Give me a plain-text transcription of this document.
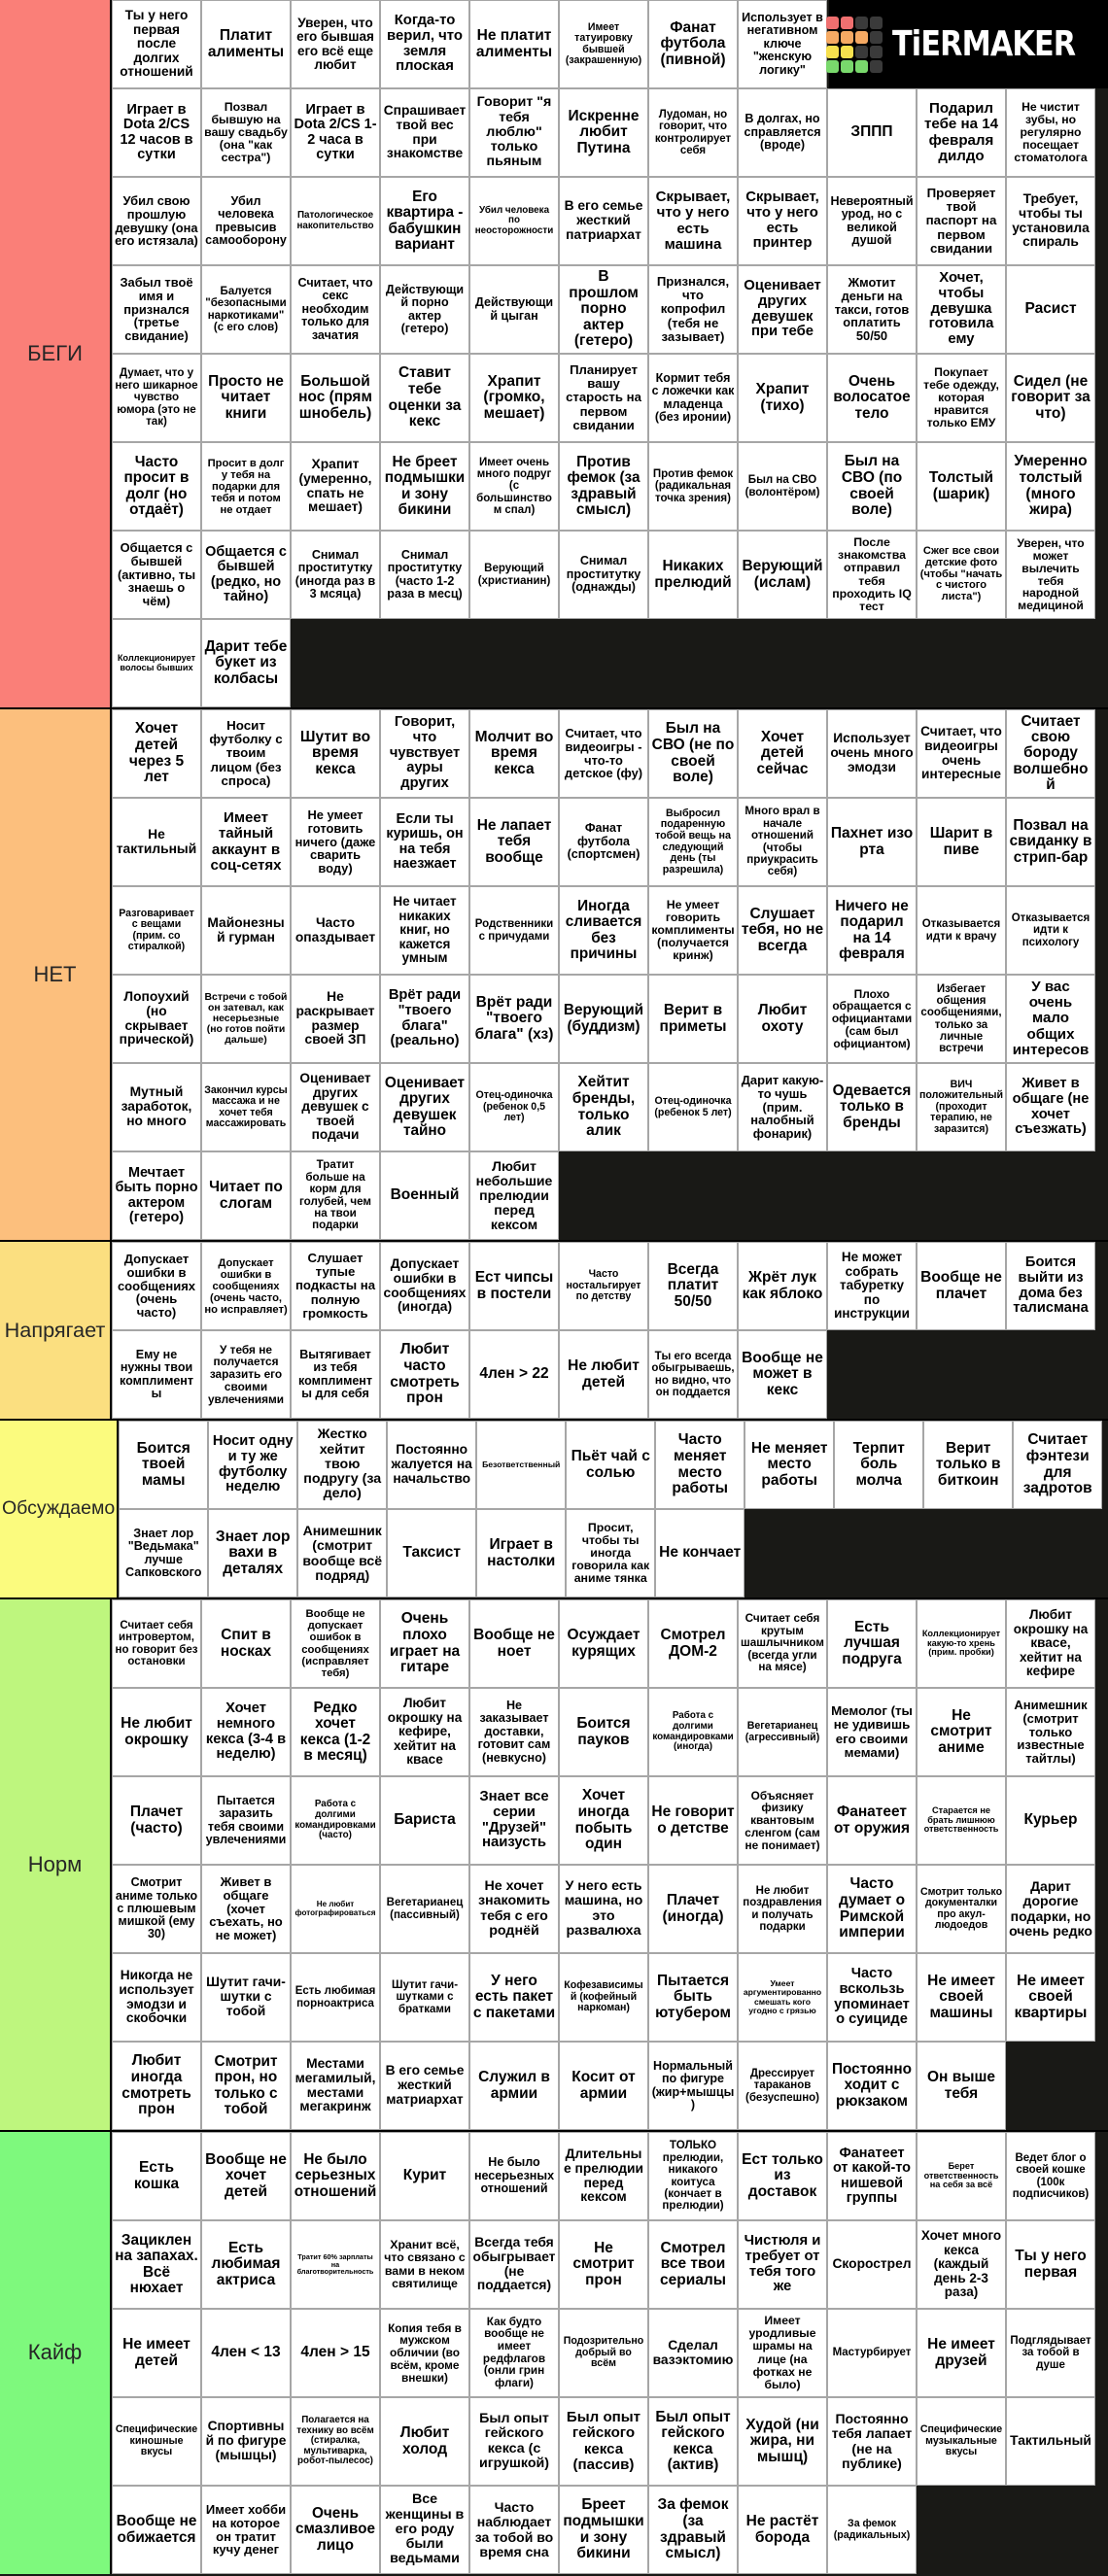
TiERMAKER
БЕГИ
Ты у него первая после долгих отношений
Платит алименты
Уверен, что его бывшая его всё еще любит
Когда-то верил, что земля плоская
Не платит алименты
Имеет татуировку бывшей (закрашенную)
Фанат футбола (пивной)
Использует в негативном ключе "женскую логику"
Играет в Dota 2/CS 12 часов в сутки
Позвал бывшую на вашу свадьбу (она "как сестра")
Играет в Dota 2/CS 1-2 часа в сутки
Спрашивает твой вес при знакомстве
Говорит "я тебя люблю" только пьяным
Искренне любит Путина
Лудоман, но говорит, что контролирует себя
В долгах, но справляется (вроде)
ЗППП
Подарил тебе на 14 февраля дилдо
Не чистит зубы, но регулярно посещает стоматолога
Убил свою прошлую девушку (она его истязала)
Убил человека превысив самооборону
Патологическое накопительство
Его квартира - бабушкин вариант
Убил человека по неосторожности
В его семье жесткий патриархат
Скрывает, что у него есть машина
Скрывает, что у него есть принтер
Невероятный урод, но с великой душой
Проверяет твой паспорт на первом свидании
Требует, чтобы ты установила спираль
Забыл твоё имя и признался (третье свидание)
Балуется "безопасными наркотиками" (с его слов)
Считает, что секс необходим только для зачатия
Действующий порно актер (гетеро)
Действующий цыган
В прошлом порно актер (гетеро)
Признался, что копрофил (тебя не зазывает)
Оценивает других девушек при тебе
Жмотит деньги на такси, готов оплатить 50/50
Хочет, чтобы девушка готовила ему
Расист
Думает, что у него шикарное чувство юмора (это не так)
Просто не читает книги
Большой нос (прям шнобель)
Ставит тебе оценки за кекс
Храпит (громко, мешает)
Планирует вашу старость на первом свидании
Кормит тебя с ложечки как младенца (без иронии)
Храпит (тихо)
Очень волосатое тело
Покупает тебе одежду, которая нравится только ЕМУ
Сидел (не говорит за что)
Часто просит в долг (но отдаёт)
Просит в долг у тебя на подарки для тебя и потом не отдает
Храпит (умеренно, спать не мешает)
Не бреет подмышки и зону бикини
Имеет очень много подруг (с большинством спал)
Против фемок (за здравый смысл)
Против фемок (радикальная точка зрения)
Был на СВО (волонтёром)
Был на СВО (по своей воле)
Толстый (шарик)
Умеренно толстый (много жира)
Общается с бывшей (активно, ты знаешь о чём)
Общается с бывшей (редко, но тайно)
Снимал проститутку (иногда раз в 3 мсяца)
Снимал проститутку (часто 1-2 раза в месц)
Верующий (христианин)
Снимал проститутку (однажды)
Никаких прелюдий
Верующий (ислам)
После знакомства отправил тебя проходить IQ тест
Сжег все свои детские фото (чтобы "начать с чистого листа")
Уверен, что может вылечить тебя народной медициной
Коллекционирует волосы бывших
Дарит тебе букет из колбасы
НЕТ
Хочет детей через 5 лет
Носит футболку с твоим лицом (без спроса)
Шутит во время кекса
Говорит, что чувствует ауры других
Молчит во время кекса
Считает, что видеоигры - что-то детское (фу)
Был на СВО (не по своей воле)
Хочет детей сейчас
Использует очень много эмодзи
Считает, что видеоигры очень интересные
Считает свою бороду волшебной
Не тактильный
Имеет тайный аккаунт в соц-сетях
Не умеет готовить ничего (даже сварить воду)
Если ты куришь, он на тебя наезжает
Не лапает тебя вообще
Фанат футбола (спортсмен)
Выбросил подаренную тобой вещь на следующий день (ты разрешила)
Много врал в начале отношений (чтобы приукрасить себя)
Пахнет изо рта
Шарит в пиве
Позвал на свиданку в стрип-бар
Разговаривает с вещами (прим. со стиралкой)
Майонезный гурман
Часто опаздывает
Не читает никаких книг, но кажется умным
Родственники с причудами
Иногда сливается без причины
Не умеет говорить комплименты (получается кринж)
Слушает тебя, но не всегда
Ничего не подарил на 14 февраля
Отказывается идти к врачу
Отказывается идти к психологу
Лопоухий (но скрывает прической)
Встречи с тобой он затевал, как несерьезные (но готов пойти дальше)
Не раскрывает размер своей ЗП
Врёт ради "твоего блага" (реально)
Врёт ради "твоего блага" (хз)
Верующий (буддизм)
Верит в приметы
Любит охоту
Плохо обращается с официантами (сам был официантом)
Избегает общения сообщениями, только за личные встречи
У вас очень мало общих интересов
Мутный заработок, но много
Закончил курсы массажа и не хочет тебя массажировать
Оценивает других девушек с твоей подачи
Оценивает других девушек тайно
Отец-одиночка (ребенок 0,5 лет)
Хейтит бренды, только алик
Отец-одиночка (ребенок 5 лет)
Дарит какую-то чушь (прим. налобный фонарик)
Одевается только в бренды
ВИЧ положительный (проходит терапию, не заразится)
Живет в общаге (не хочет съезжать)
Мечтает быть порно актером (гетеро)
Читает по слогам
Тратит больше на корм для голубей, чем на твои подарки
Военный
Любит небольшие прелюдии перед кексом
Напрягает
Допускает ошибки в сообщениях (очень часто)
Допускает ошибки в сообщениях (очень часто, но исправляет)
Слушает тупые подкасты на полную громкость
Допускает ошибки в сообщениях (иногда)
Ест чипсы в постели
Часто ностальгирует по детству
Всегда платит 50/50
Жрёт лук как яблоко
Не может собрать табуретку по инструкции
Вообще не плачет
Боится выйти из дома без талисмана
Ему не нужны твои комплименты
У тебя не получается заразить его своими увлечениями
Вытягивает из тебя комплименты для себя
Любит часто смотреть прон
4лен > 22	Не любит детей
Ты его всегда обыгрываешь, но видно, что он поддается
Вообще не может в кекс
Обсуждаемо
Боится твоей мамы
Носит одну и ту же футболку неделю
Жестко хейтит твою подругу (за дело)
Постоянно жалуется на начальство
Безответственный Пьёт чай с солью
Часто меняет место работы
Не меняет место работы
Терпит боль молча
Верит только в биткоин
Считает фэнтези для задротов
Знает лор "Ведьмака" лучше Сапковского
Знает лор вахи в деталях
Анимешник (смотрит вообще всё подряд)
Таксист	Играет в настолки
Просит, чтобы ты иногда говорила как аниме тянка
Не кончает
Норм
Считает себя интровертом, но говорит без остановки
Спит в носках
Вообще не допускает ошибок в сообщениях (исправляет тебя)
Очень плохо играет на гитаре
Вообще не ноет
Осуждает курящих
Смотрел ДОМ-2
Считает себя крутым шашлычником (всегда угли на мясе)
Есть лучшая подруга
Коллекционирует какую-то хрень (прим. пробки)
Любит окрошку на квасе, хейтит на кефире
Не любит окрошку
Хочет немного кекса (3-4 в неделю)
Редко хочет кекса (1-2 в месяц)
Любит окрошку на кефире, хейтит на квасе
Не заказывает доставки, готовит сам (невкусно)
Боится пауков
Работа с долгими командировками (иногда)
Вегетарианец (агрессивный)
Мемолог (ты не удивишь его своими мемами)
Не смотрит аниме
Анимешник (смотрит только известные тайтлы)
Плачет (часто)
Пытается заразить тебя своими увлечениями
Работа с долгими командировками (часто)
Бариста
Знает все серии "Друзей" наизусть
Хочет иногда побыть один
Не говорит о детстве
Объясняет физику квантовым сленгом (сам не понимает)
Фанатеет от оружия
Старается не брать лишнюю ответственность
Курьер
Смотрит аниме только с плюшевым мишкой (ему 30)
Живет в общаге (хочет съехать, но не может)
Не любит фотографироваться
Вегетарианец (пассивный)
Не хочет знакомить тебя с его роднёй
У него есть машина, но это развалюха
Плачет (иногда)
Не любит поздравления и получать подарки
Часто думает о Римской империи
Смотрит только документалки про акул-людоедов
Дарит дорогие подарки, но очень редко
Никогда не использует эмодзи и скобочки
Шутит гачи-шутки с тобой
Есть любимая порноактриса
Шутит гачи-шутками с братками
У него есть пакет с пакетами
Кофезависимый (кофейный наркоман)
Пытается быть ютубером
Умеет аргументированно смешать кого угодно с грязью
Часто вскользь упоминает о суициде
Не имеет своей машины
Не имеет своей квартиры
Любит иногда смотреть прон
Смотрит прон, но только с тобой
Местами мегамилый, местами мегакринж
В его семье жесткий матриархат
Служил в армии
Косит от армии
Нормальный по фигуре (жир+мышцы)
Дрессирует тараканов (безуспешно)
Постоянно ходит с рюкзаком
Он выше тебя
Кайф
Есть кошка
Вообще не хочет детей
Не было серьезных отношений
Курит
Не было несерьезных отношений
Длительные прелюдии перед кексом
ТОЛЬКО прелюдии, никакого коитуса (кончает в прелюдии)
Ест только из доставок
Фанатеет от какой-то нишевой группы
Берет ответственность на себя за всё
Ведет блог о своей кошке (100к подписчиков)
Зациклен на запахах. Всё нюхает
Есть любимая актриса
Тратит 60% зарплаты на благотворительность
Хранит всё, что связано с вами в неком святилище
Всегда тебя обыгрывает (не поддается)
Не смотрит прон
Смотрел все твои сериалы
Чистюля и требует от тебя того же
Скорострел
Хочет много кекса (каждый день 2-3 раза)
Ты у него первая
Не имеет детей	4лен < 13	4лен > 15
Копия тебя в мужском обличии (во всём, кроме внешки)
Как будто вообще не имеет редфлагов (онли грин флаги)
Подозрительно добрый во всём
Сделал вазэктомию
Имеет уродливые шрамы на лице (на фотках не было)
Мастурбирует
Не имеет друзей
Подглядывает за тобой в душе
Специфические киношные вкусы
Спортивный по фигуре (мышцы)
Полагается на технику во всём (стиралка, мультиварка, робот-пылесос)
Любит холод
Был опыт гейского кекса (с игрушкой)
Был опыт гейского кекса (пассив)
Был опыт гейского кекса (актив)
Худой (ни жира, ни мышц)
Постоянно тебя лапает (не на публике)
Специфические музыкальные вкусы
Тактильный
Вообще не обижается
Имеет хобби на которое он тратит кучу денег
Очень смазливое лицо
Все женщины в его роду были ведьмами
Часто наблюдает за тобой во время сна
Бреет подмышки и зону бикини
За фемок (за здравый смысл)
Не растёт борода
За фемок (радикальных)
